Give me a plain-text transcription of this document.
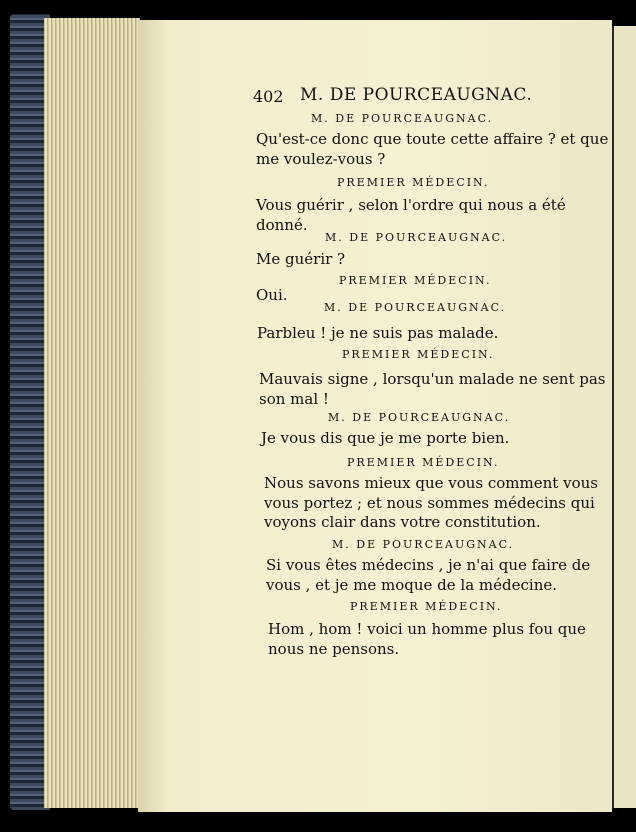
402 M. DE POURCEAUGNAC.
M. DE POURCEAUGNAC.
Qu'est-ce donc que toute cette affaire ? et que
me voulez-vous ?
PREMIER MÉDECIN.
Vous guérir , selon l'ordre qui nous a été
donné.
M. DE POURCEAUGNAC.
Me guérir ?
PREMIER MÉDECIN.
Oui.
M. DE POURCEAUGNAC.
Parbleu ! je ne suis pas malade.
PREMIER MÉDECIN.
Mauvais signe , lorsqu'un malade ne sent pas
son mal !
M. DE POURCEAUGNAC.
Je vous dis que je me porte bien.
PREMIER MÉDECIN.
Nous savons mieux que vous comment vous
vous portez ; et nous sommes médecins qui
voyons clair dans votre constitution.
M. DE POURCEAUGNAC.
Si vous êtes médecins , je n'ai que faire de
vous , et je me moque de la médecine.
PREMIER MÉDECIN.
Hom , hom ! voici un homme plus fou que
nous ne pensons.
